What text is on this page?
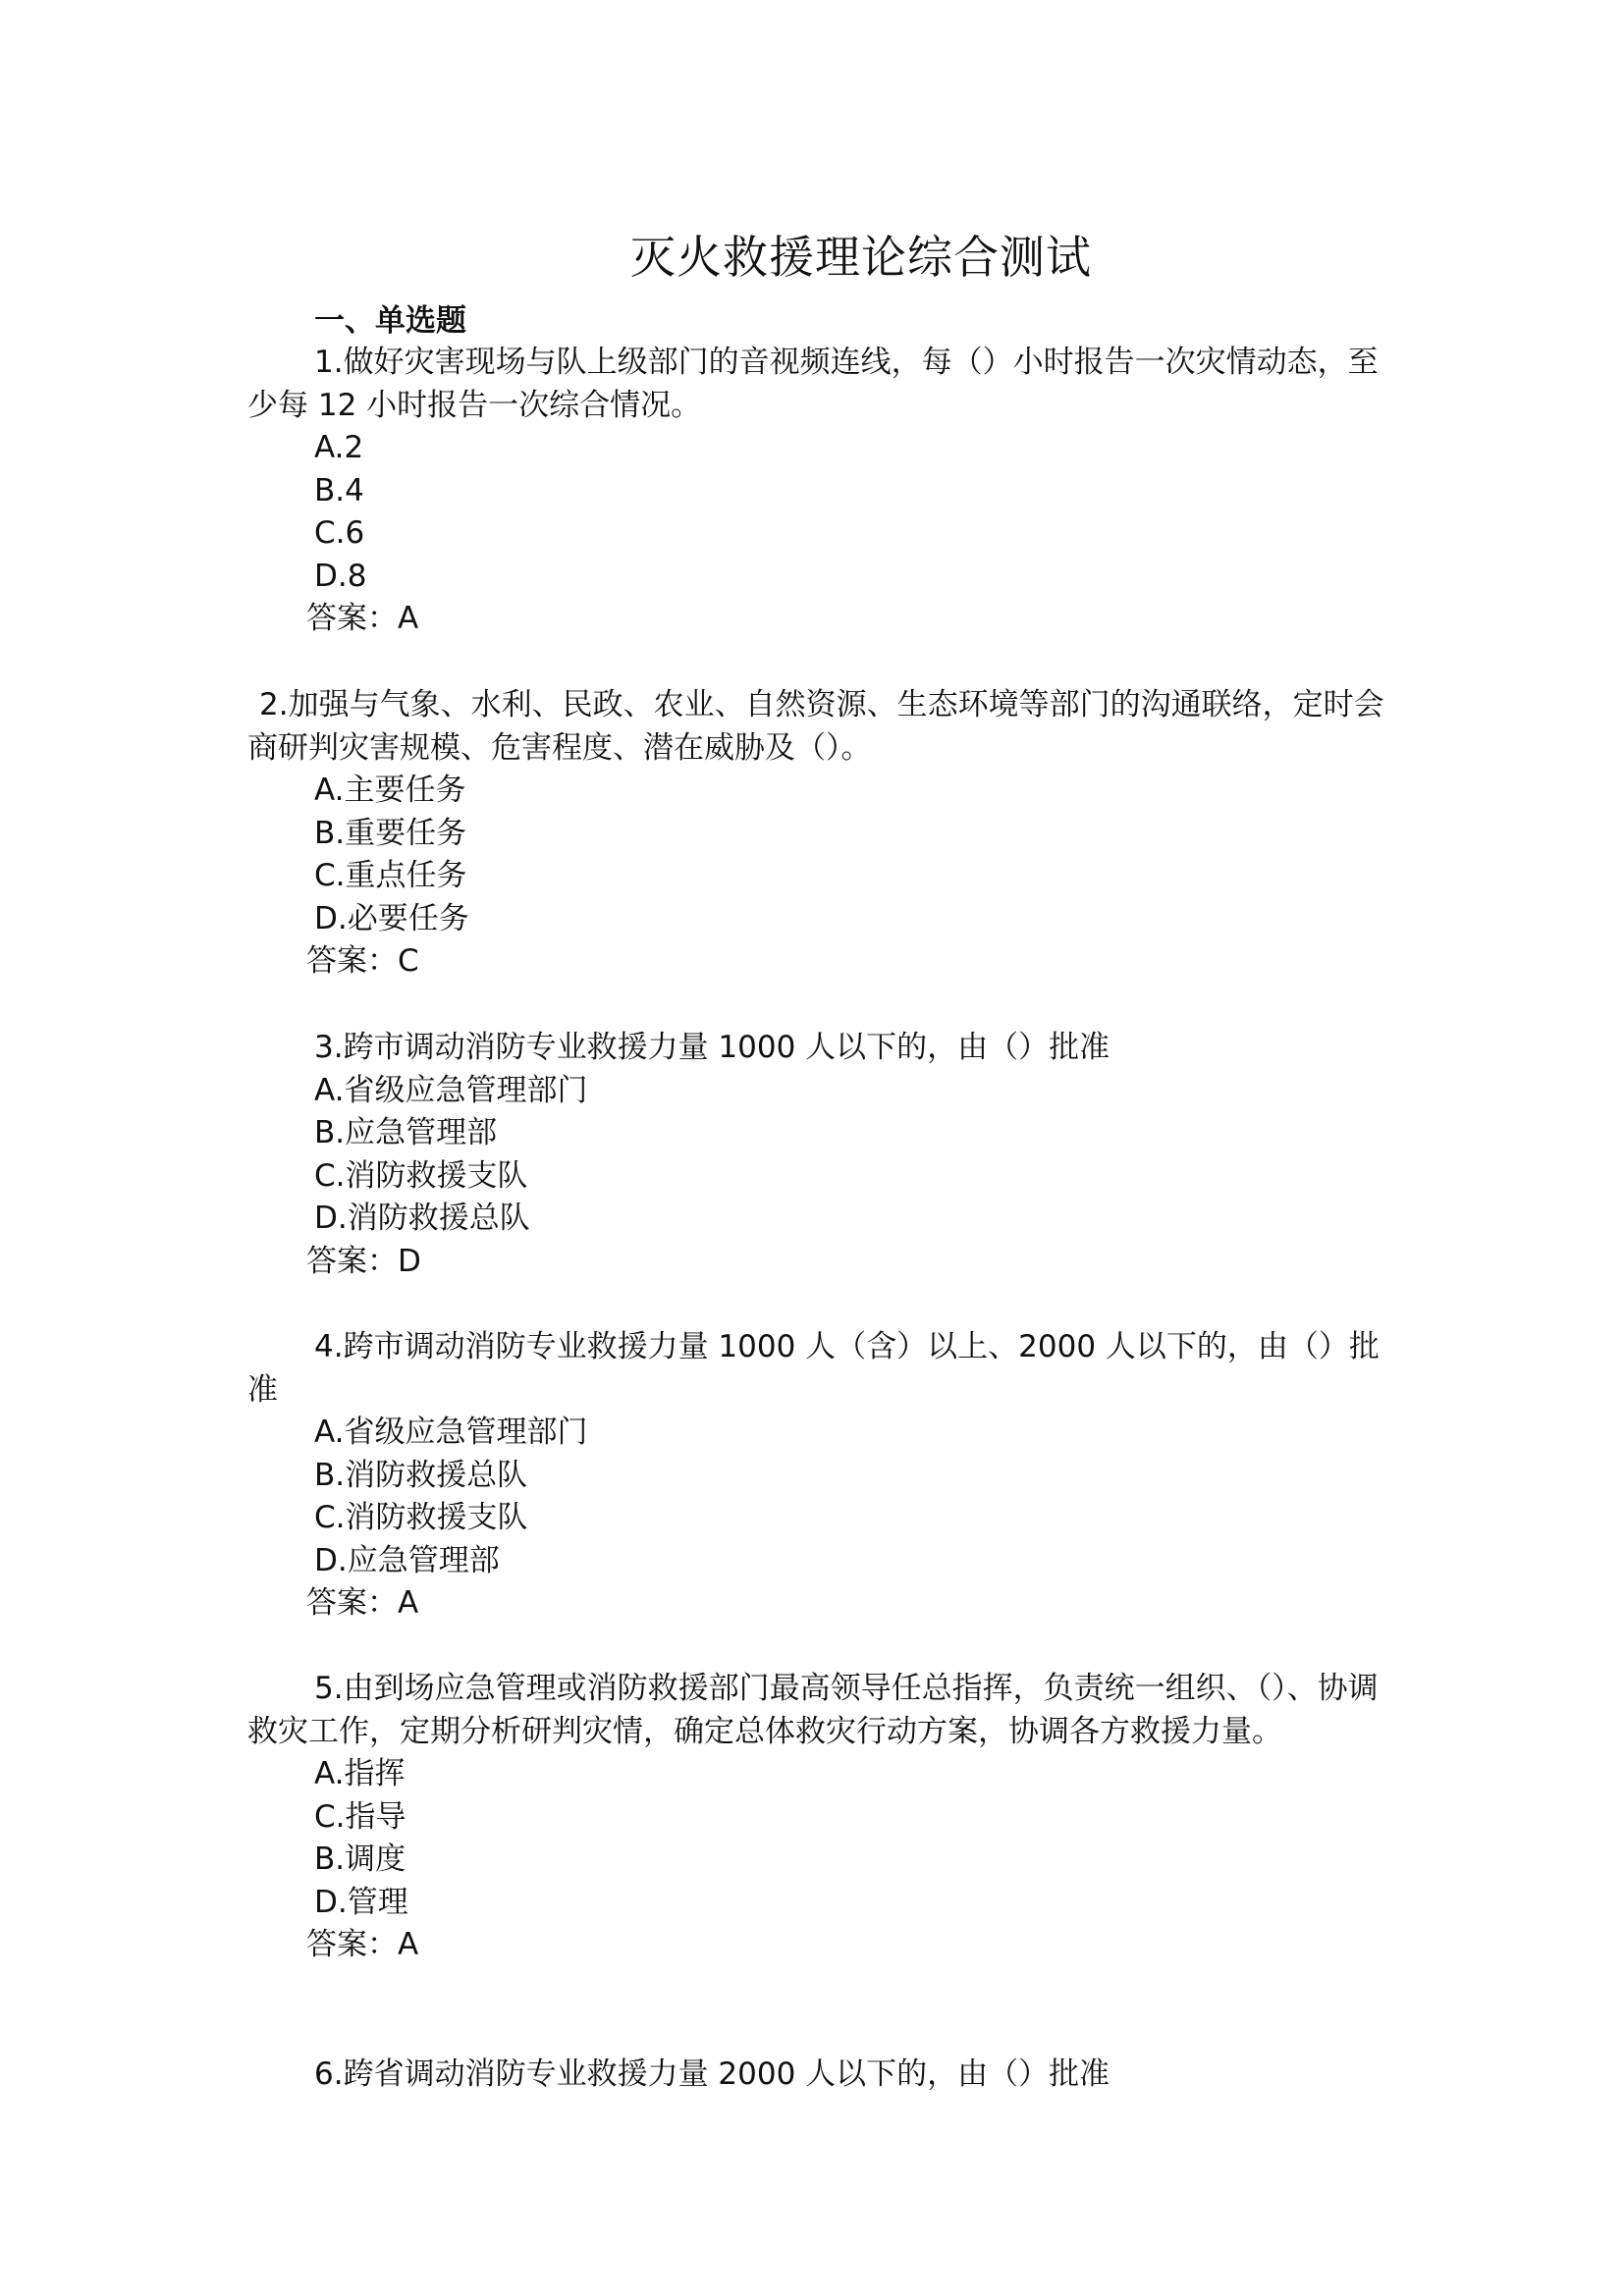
灭火救援理论综合测试
一、单选题

1.做好灾害现场与队上级部门的音视频连线，每（）小时报告一次灾情动态，至少每 12 小时报告一次综合情况。

A.2

B.4

C.6

D.8

答案：A

2.加强与气象、水利、民政、农业、自然资源、生态环境等部门的沟通联络，定时会商研判灾害规模、危害程度、潜在威胁及（）。

A.主要任务

B.重要任务

C.重点任务

D.必要任务

答案：C

3.跨市调动消防专业救援力量 1000 人以下的，由（）批准

A.省级应急管理部门

B.应急管理部

C.消防救援支队

D.消防救援总队

答案：D

4.跨市调动消防专业救援力量 1000 人（含）以上、2000 人以下的，由（）批准

A.省级应急管理部门

B.消防救援总队

C.消防救援支队

D.应急管理部

答案：A

5.由到场应急管理或消防救援部门最高领导任总指挥，负责统一组织、（）、协调救灾工作，定期分析研判灾情，确定总体救灾行动方案，协调各方救援力量。

A.指挥

C.指导

B.调度

D.管理

答案：A

6.跨省调动消防专业救援力量 2000 人以下的，由（）批准
